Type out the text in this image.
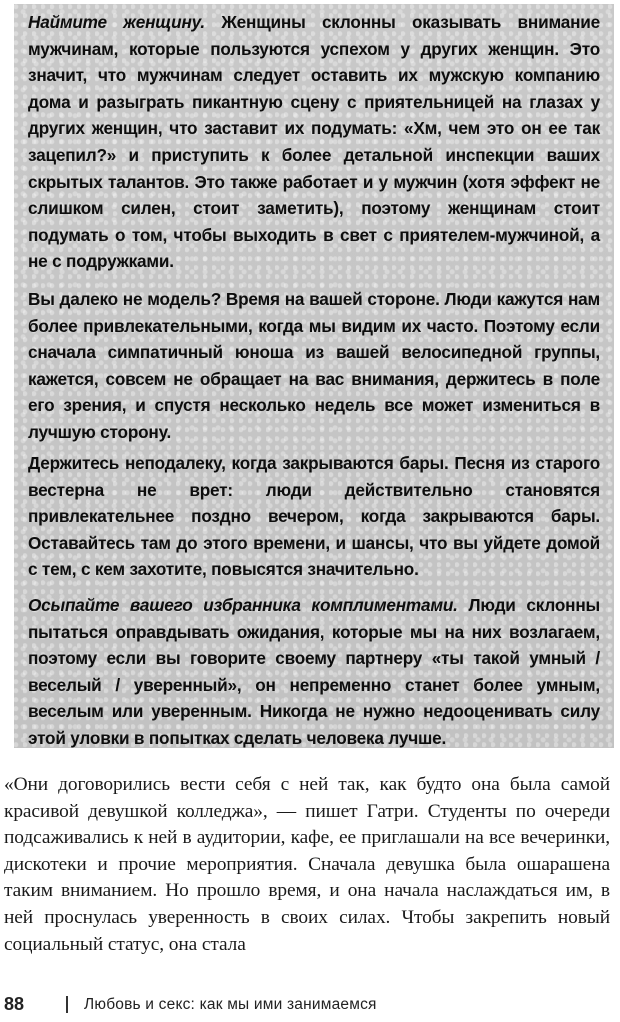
Наймите женщину. Женщины склонны оказывать внимание мужчинам, которые пользуются успехом у других женщин. Это значит, что мужчинам следует оставить их мужскую компанию дома и разыграть пикантную сцену с приятельницей на глазах у других женщин, что заставит их подумать: «Хм, чем это он ее так зацепил?» и приступить к более детальной инспекции ваших скрытых талантов. Это также работает и у мужчин (хотя эффект не слишком силен, стоит заметить), поэтому женщинам стоит подумать о том, чтобы выходить в свет с приятелем-мужчиной, а не с подружками.

Вы далеко не модель? Время на вашей стороне. Люди кажутся нам более привлекательными, когда мы видим их часто. Поэтому если сначала симпатичный юноша из вашей велосипедной группы, кажется, совсем не обращает на вас внимания, держитесь в поле его зрения, и спустя несколько недель все может измениться в лучшую сторону.

Держитесь неподалеку, когда закрываются бары. Песня из старого вестерна не врет: люди действительно становятся привлекательнее поздно вечером, когда закрываются бары. Оставайтесь там до этого времени, и шансы, что вы уйдете домой с тем, с кем захотите, повысятся значительно.

Осыпайте вашего избранника комплиментами. Люди склонны пытаться оправдывать ожидания, которые мы на них возлагаем, поэтому если вы говорите своему партнеру «ты такой умный / веселый / уверенный», он непременно станет более умным, веселым или уверенным. Никогда не нужно недооценивать силу этой уловки в попытках сделать человека лучше.

«Они договорились вести себя с ней так, как будто она была самой красивой девушкой колледжа», — пишет Гатри. Студенты по очереди подсаживались к ней в аудитории, кафе, ее приглашали на все вечеринки, дискотеки и прочие мероприятия. Сначала девушка была ошарашена таким вниманием. Но прошло время, и она начала наслаждаться им, в ней проснулась уверенность в своих силах. Чтобы закрепить новый социальный статус, она стала

88	Любовь и секс: как мы ими занимаемся
